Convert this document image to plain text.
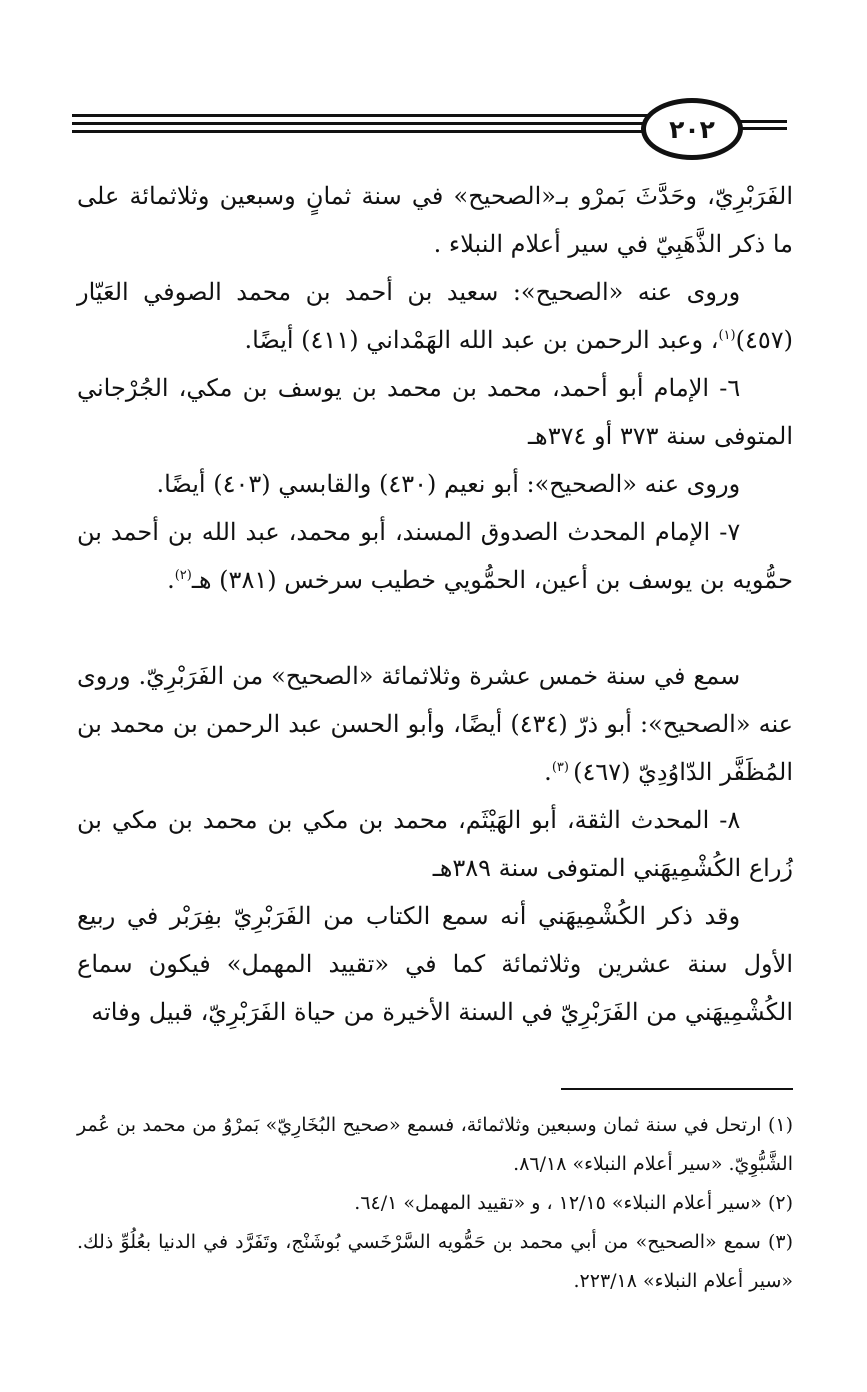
٢٠٢

الفَرَبْرِيّ، وحَدَّثَ بَمرْو بـ«الصحيح» في سنة ثمانٍ وسبعين وثلاثمائة على ما ذكر الذَّهَبِيّ في سير أعلام النبلاء .

وروى عنه «الصحيح»: سعيد بن أحمد بن محمد الصوفي العَيّار (٤٥٧)$^{(١)}$، وعبد الرحمن بن عبد الله الهَمْداني (٤١١) أيضًا.

٦- الإمام أبو أحمد، محمد بن محمد بن يوسف بن مكي، الجُرْجاني المتوفى سنة ٣٧٣ أو ٣٧٤هـ

وروى عنه «الصحيح»: أبو نعيم (٤٣٠) والقابسي (٤٠٣) أيضًا.

٧- الإمام المحدث الصدوق المسند، أبو محمد، عبد الله بن أحمد بن حمُّويه بن يوسف بن أعين، الحمُّويي خطيب سرخس (٣٨١) هـ$^{(٢)}$.

سمع في سنة خمس عشرة وثلاثمائة «الصحيح» من الفَرَبْرِيّ. وروى عنه «الصحيح»: أبو ذرّ (٤٣٤) أيضًا، وأبو الحسن عبد الرحمن بن محمد بن المُظَفَّر الدّاوُدِيّ (٤٦٧) $^{(٣)}$.

٨- المحدث الثقة، أبو الهَيْثَم، محمد بن مكي بن محمد بن مكي بن زُراع الكُشْمِيهَني المتوفى سنة ٣٨٩هـ

وقد ذكر الكُشْمِيهَني أنه سمع الكتاب من الفَرَبْرِيّ بفِرَبْر في ربيع الأول سنة عشرين وثلاثمائة كما في «تقييد المهمل» فيكون سماع الكُشْمِيهَني من الفَرَبْرِيّ في السنة الأخيرة من حياة الفَرَبْرِيّ، قبيل وفاته

(١) ارتحل في سنة ثمان وسبعين وثلاثمائة، فسمع «صحيح البُخَارِيّ» بَمرْوُ من محمد بن عُمر الشَّبُّوِيّ. «سير أعلام النبلاء» ٨٦/١٨.

(٢) «سير أعلام النبلاء» ١٢/١٥ ، و «تقييد المهمل» ٦٤/١.

(٣) سمع «الصحيح» من أبي محمد بن حَمُّويه السَّرْخَسي بُوشَنْج، وتَفَرَّد في الدنيا بعُلُوِّ ذلك. «سير أعلام النبلاء» ٢٢٣/١٨.
